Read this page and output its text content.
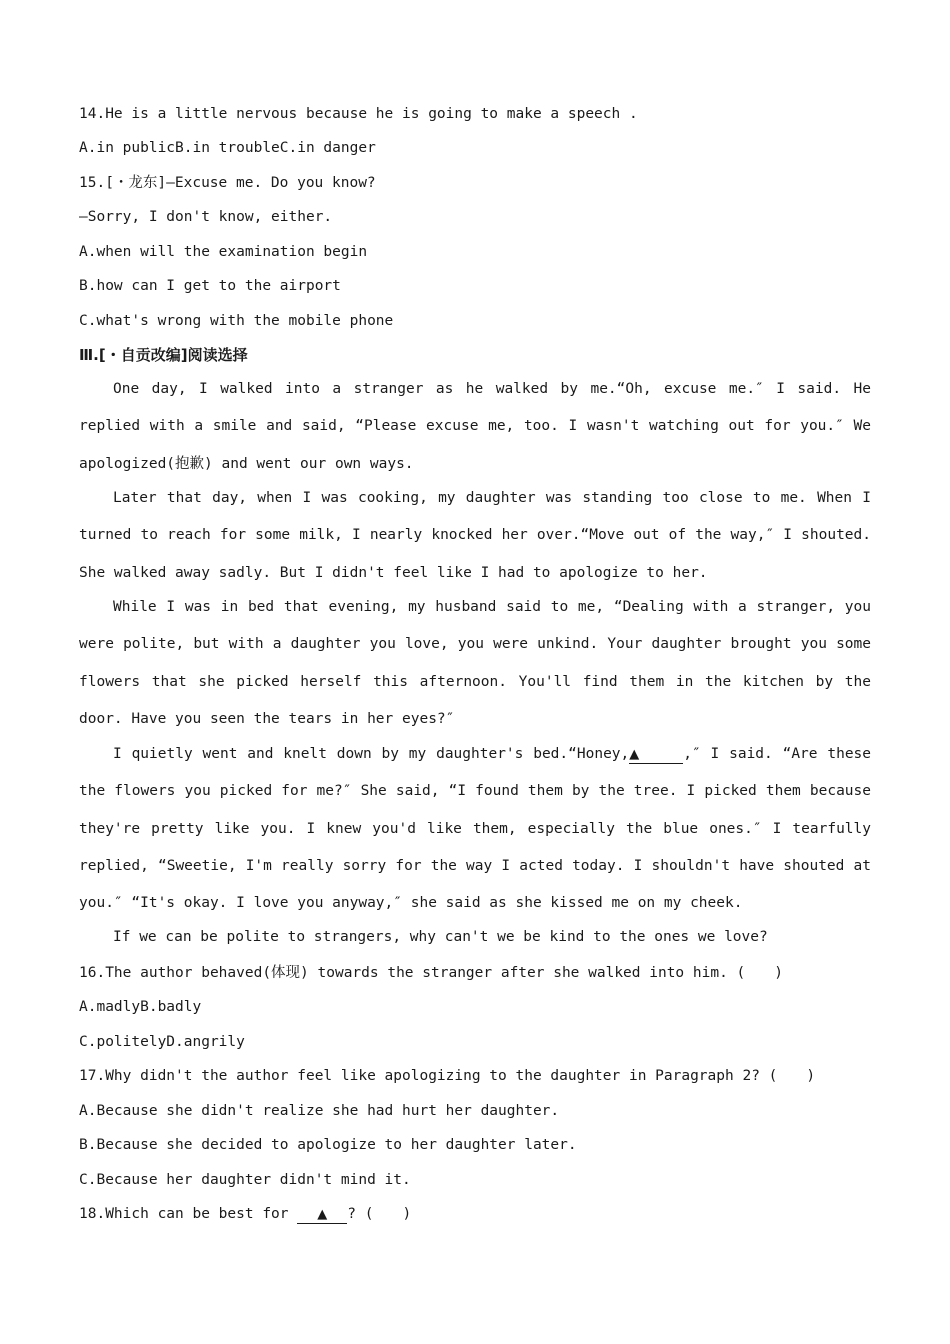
14.He is a little nervous because he is going to make a speech .
A.in publicB.in troubleC.in danger
15.[・龙东]—Excuse me. Do you know?
—Sorry, I don't know, either.
A.when will the examination begin
B.how can I get to the airport
C.what's wrong with the mobile phone
Ⅲ.[・自贡改编]阅读选择
One day, I walked into a stranger as he walked by me.“Oh, excuse me.″ I said. He replied with a smile and said, “Please excuse me, too. I wasn't watching out for you.″ We apologized(抱歉) and went our own ways.
Later that day, when I was cooking, my daughter was standing too close to me. When I turned to reach for some milk, I nearly knocked her over.“Move out of the way,″ I shouted. She walked away sadly. But I didn't feel like I had to apologize to her.
While I was in bed that evening, my husband said to me, “Dealing with a stranger, you were polite, but with a daughter you love, you were unkind. Your daughter brought you some flowers that she picked herself this afternoon. You'll find them in the kitchen by the door. Have you seen the tears in her eyes?″
I quietly went and knelt down by my daughter's bed.“Honey,▲	,″ I said. “Are these the flowers you picked for me?″ She said, “I found them by the tree. I picked them because they're pretty like you. I knew you'd like them, especially the blue ones.″ I tearfully replied, “Sweetie, I'm really sorry for the way I acted today. I shouldn't have shouted at you.″ “It's okay. I love you anyway,″ she said as she kissed me on my cheek.
If we can be polite to strangers, why can't we be kind to the ones we love?
16.The author behaved(体现) towards the stranger after she walked into him. (　　)
A.madlyB.badly
C.politelyD.angrily
17.Why didn't the author feel like apologizing to the daughter in Paragraph 2? (　　)
A.Because she didn't realize she had hurt her daughter.
B.Because she decided to apologize to her daughter later.
C.Because her daughter didn't mind it.
18.Which can be best for ▲ ? (　　)
